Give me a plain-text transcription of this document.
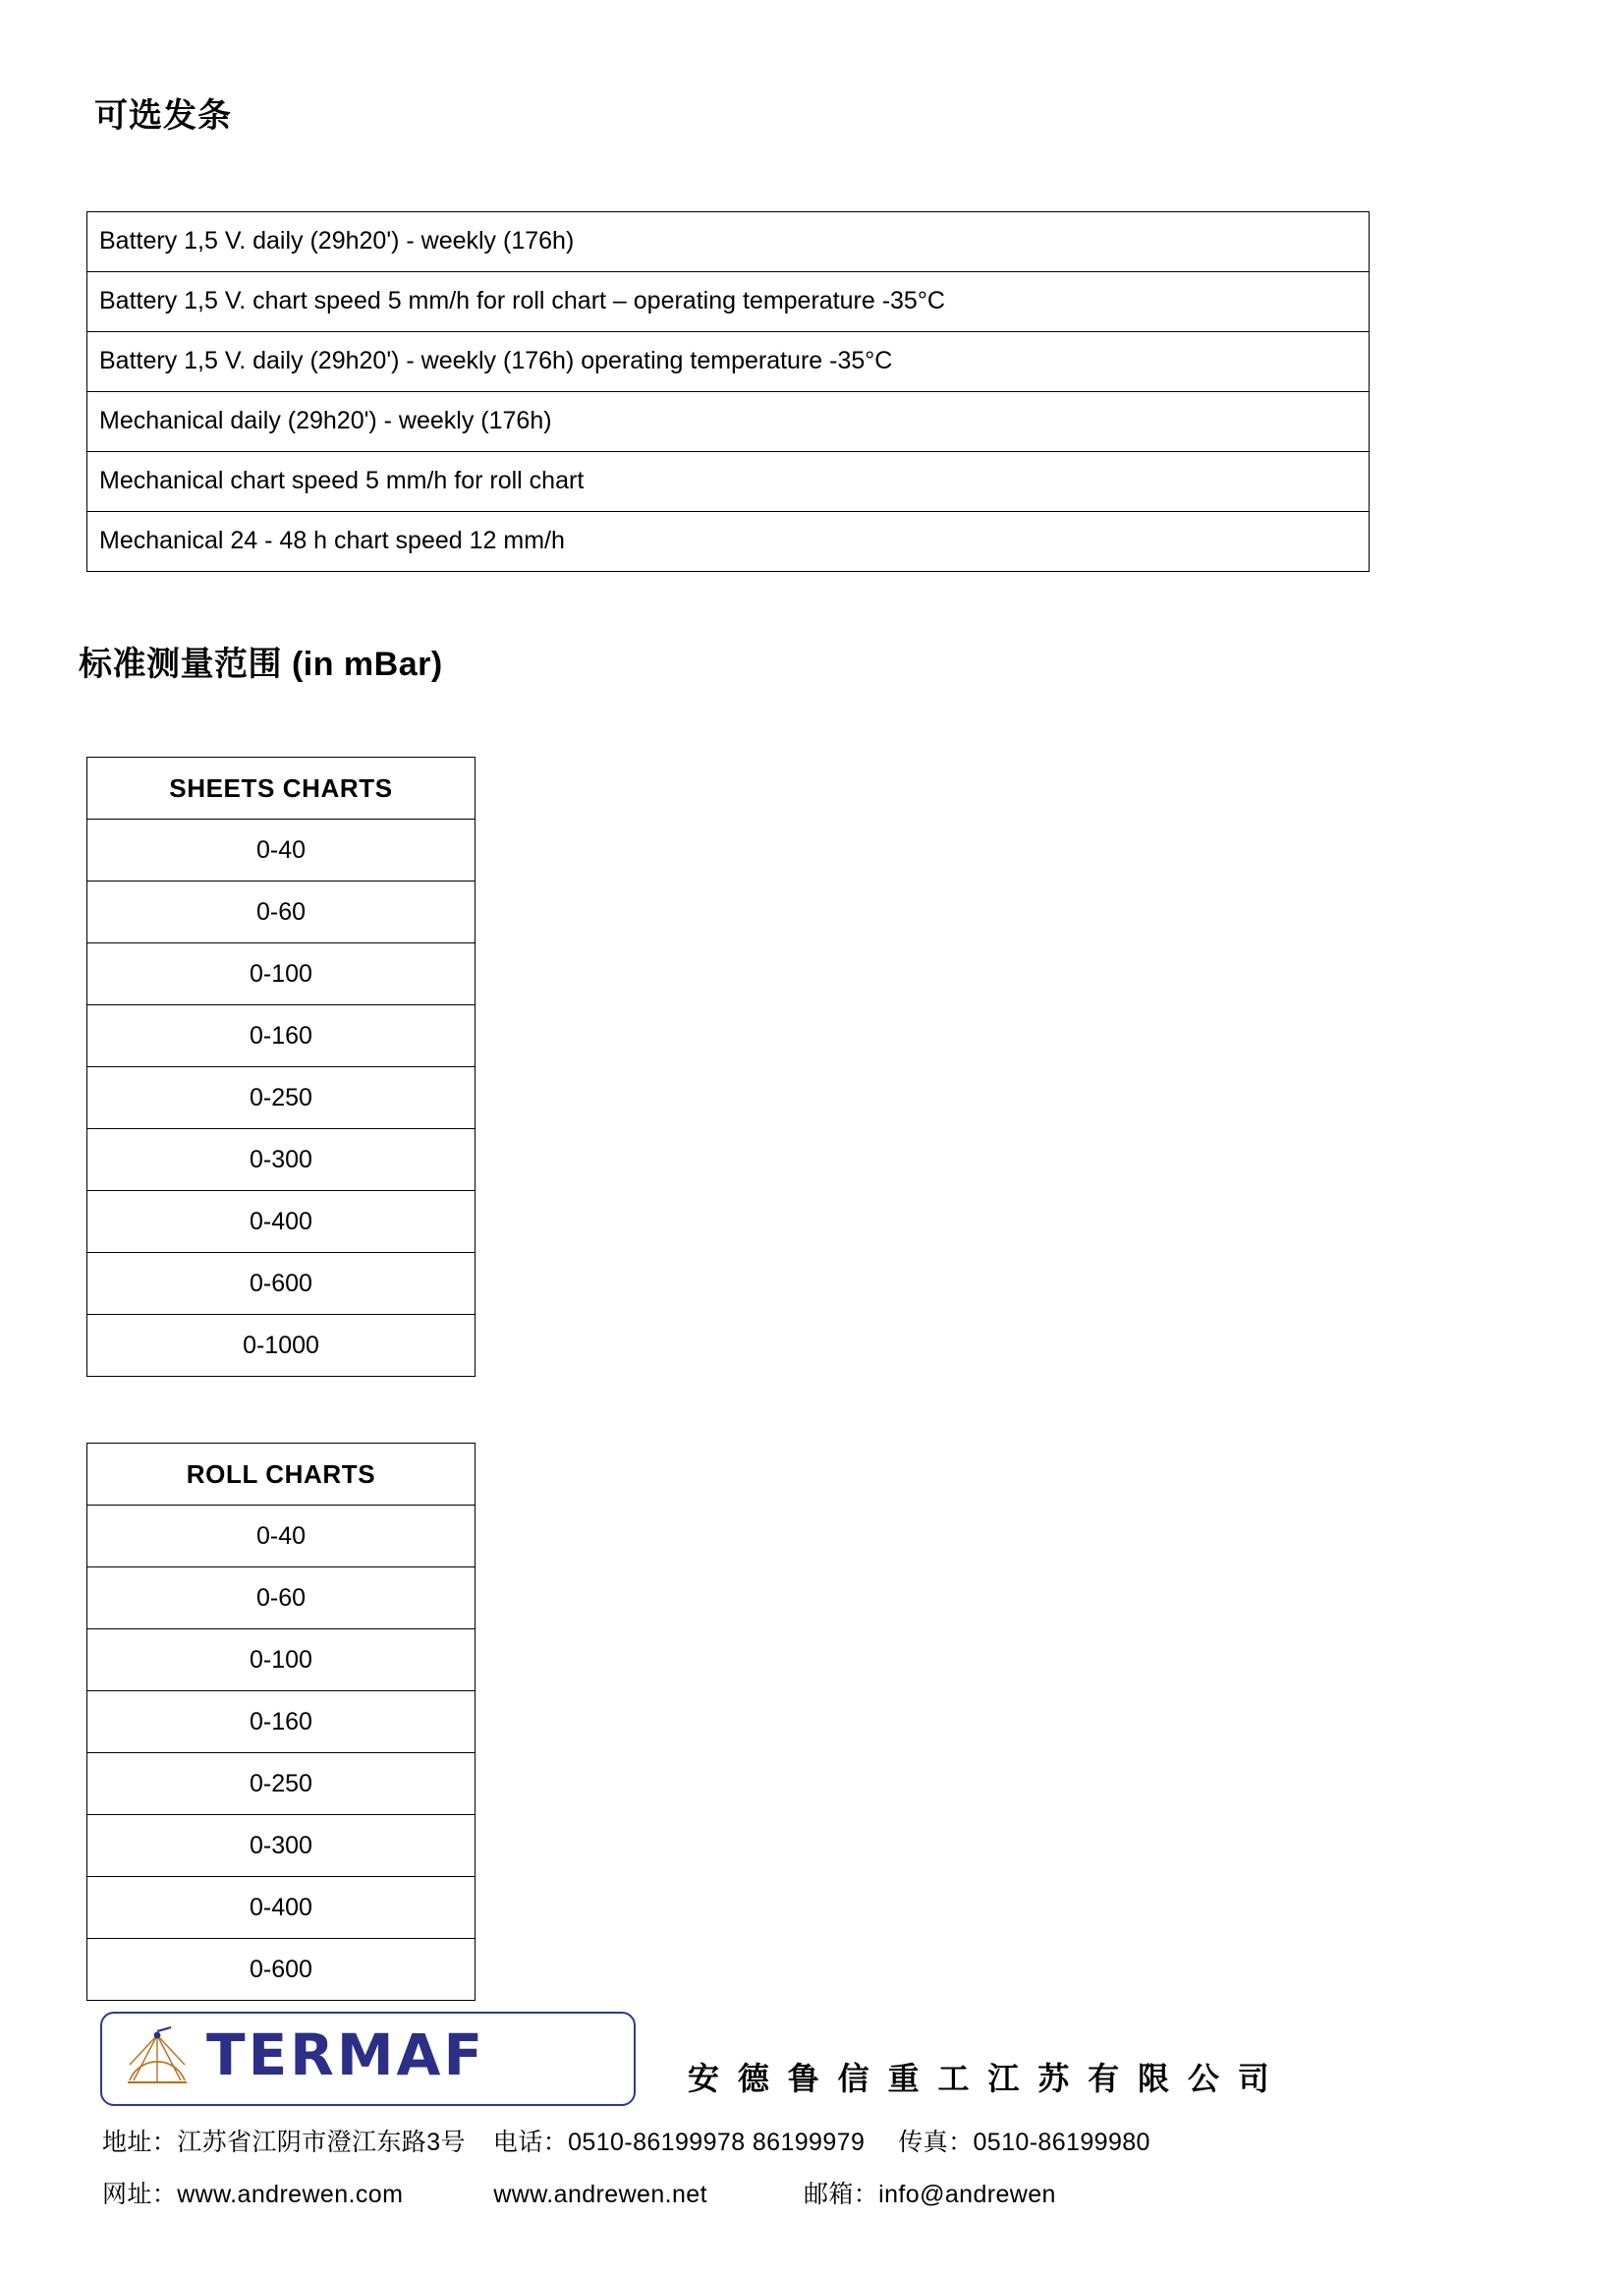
可选发条
Battery 1,5 V. daily (29h20') - weekly (176h)
Battery 1,5 V. chart speed 5 mm/h for roll chart – operating temperature -35°C
Battery 1,5 V. daily (29h20') - weekly (176h) operating temperature -35°C
Mechanical daily (29h20') - weekly (176h)
Mechanical chart speed 5 mm/h for roll chart
Mechanical 24 - 48 h chart speed 12 mm/h
标准测量范围 (in mBar)
SHEETS CHARTS
0-40
0-60
0-100
0-160
0-250
0-300
0-400
0-600
0-1000
ROLL CHARTS
0-40
0-60
0-100
0-160
0-250
0-300
0-400
0-600
TERMAF	安 德 鲁 信 重 工 江 苏 有 限 公 司
地址：江苏省江阴市澄江东路3号 电话：0510-86199978 86199979 传真：0510-86199980
网址：www.andrewen.com	www.andrewen.net	邮箱：info@andrewen
